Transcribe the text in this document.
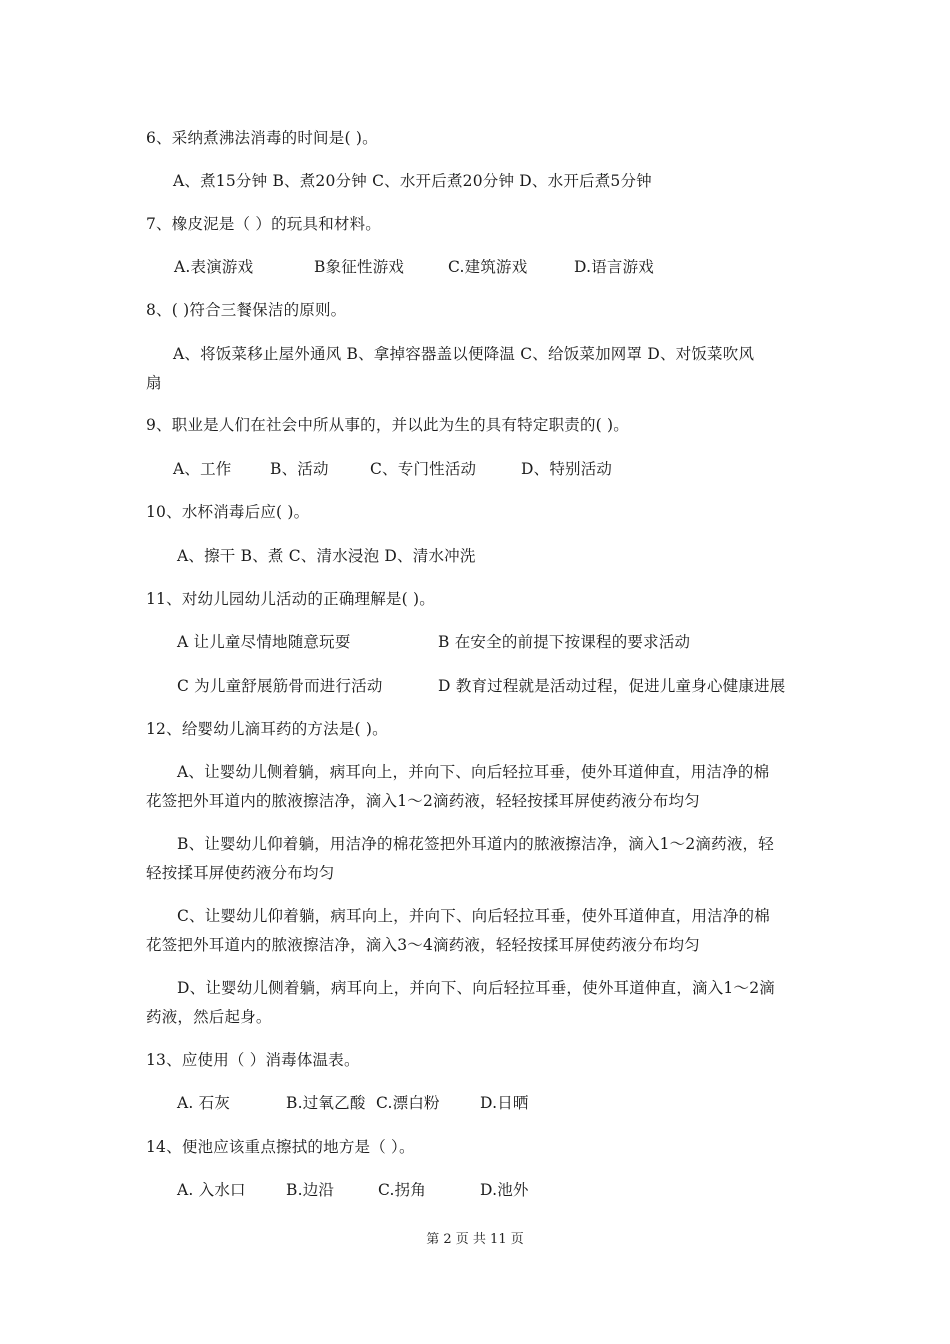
6、采纳煮沸法消毒的时间是( )。
A、煮15分钟 B、煮20分钟 C、水开后煮20分钟 D、水开后煮5分钟
7、橡皮泥是（ ）的玩具和材料。
A.表演游戏	B象征性游戏	C.建筑游戏	D.语言游戏
8、( )符合三餐保洁的原则。
A、将饭菜移止屋外通风 B、拿掉容器盖以便降温 C、给饭菜加网罩 D、对饭菜吹风
扇
9、职业是人们在社会中所从事的，并以此为生的具有特定职责的( )。
A、工作 B、活动	C、专门性活动	D、特别活动
10、水杯消毒后应( )。
A、擦干 B、煮 C、清水浸泡 D、清水冲洗
11、对幼儿园幼儿活动的正确理解是( )。
A 让儿童尽情地随意玩耍	B 在安全的前提下按课程的要求活动
C 为儿童舒展筋骨而进行活动	D 教育过程就是活动过程，促进儿童身心健康进展
12、给婴幼儿滴耳药的方法是( )。
A、让婴幼儿侧着躺，病耳向上，并向下、向后轻拉耳垂，使外耳道伸直，用洁净的棉
花签把外耳道内的脓液擦洁净，滴入1～2滴药液，轻轻按揉耳屏使药液分布均匀
B、让婴幼儿仰着躺，用洁净的棉花签把外耳道内的脓液擦洁净，滴入1～2滴药液，轻
轻按揉耳屏使药液分布均匀
C、让婴幼儿仰着躺，病耳向上，并向下、向后轻拉耳垂，使外耳道伸直，用洁净的棉
花签把外耳道内的脓液擦洁净，滴入3～4滴药液，轻轻按揉耳屏使药液分布均匀
D、让婴幼儿侧着躺，病耳向上，并向下、向后轻拉耳垂，使外耳道伸直，滴入1～2滴
药液，然后起身。
13、应使用（ ）消毒体温表。
A. 石灰	B.过氧乙酸 C.漂白粉	D.日晒
14、便池应该重点擦拭的地方是（ ）。
A. 入水口	B.边沿	C.拐角	D.池外
第 2 页 共 11 页
